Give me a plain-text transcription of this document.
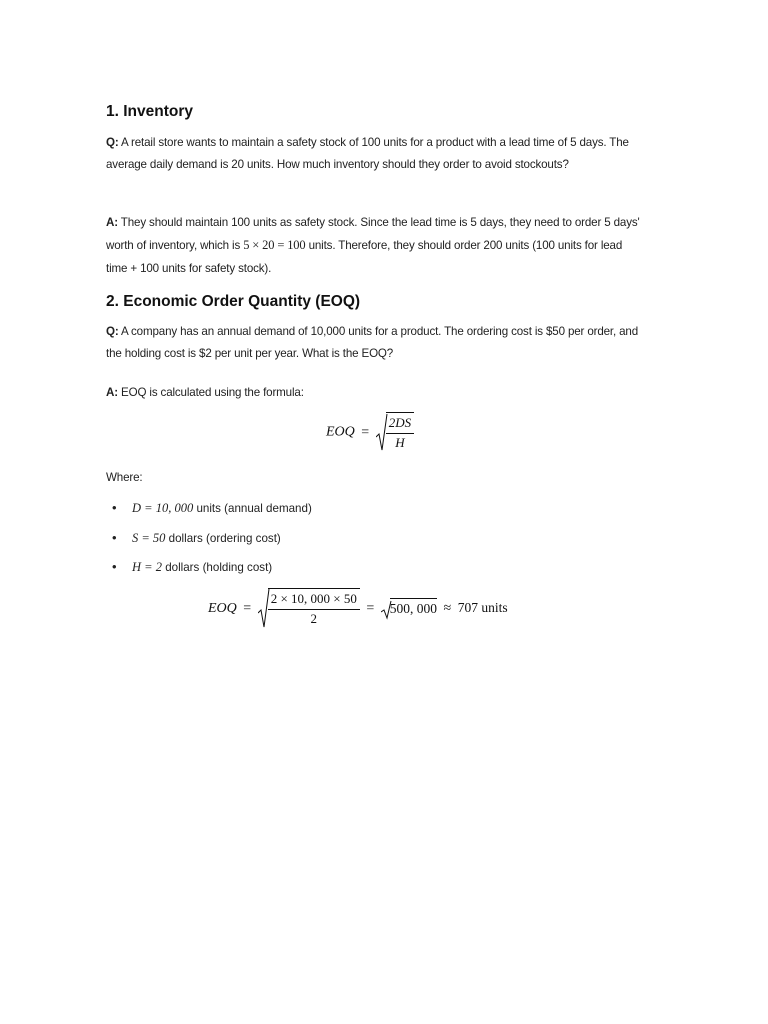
1. Inventory

Q: A retail store wants to maintain a safety stock of 100 units for a product with a lead time of 5 days. The average daily demand is 20 units. How much inventory should they order to avoid stockouts?

A: They should maintain 100 units as safety stock. Since the lead time is 5 days, they need to order 5 days' worth of inventory, which is 5 × 20 = 100 units. Therefore, they should order 200 units (100 units for lead time + 100 units for safety stock).

2. Economic Order Quantity (EOQ)

Q: A company has an annual demand of 10,000 units for a product. The ordering cost is $50 per order, and the holding cost is $2 per unit per year. What is the EOQ?

A: EOQ is calculated using the formula:

EOQ = $\frac{2DS}{H}$

Where:

• D = 10, 000 units (annual demand)
• S = 50 dollars (ordering cost)
• H = 2 dollars (holding cost)
EOQ = $\frac{2 \times 10, 000 \times 50}{2} = 500$, 000 ≈ 707 units
